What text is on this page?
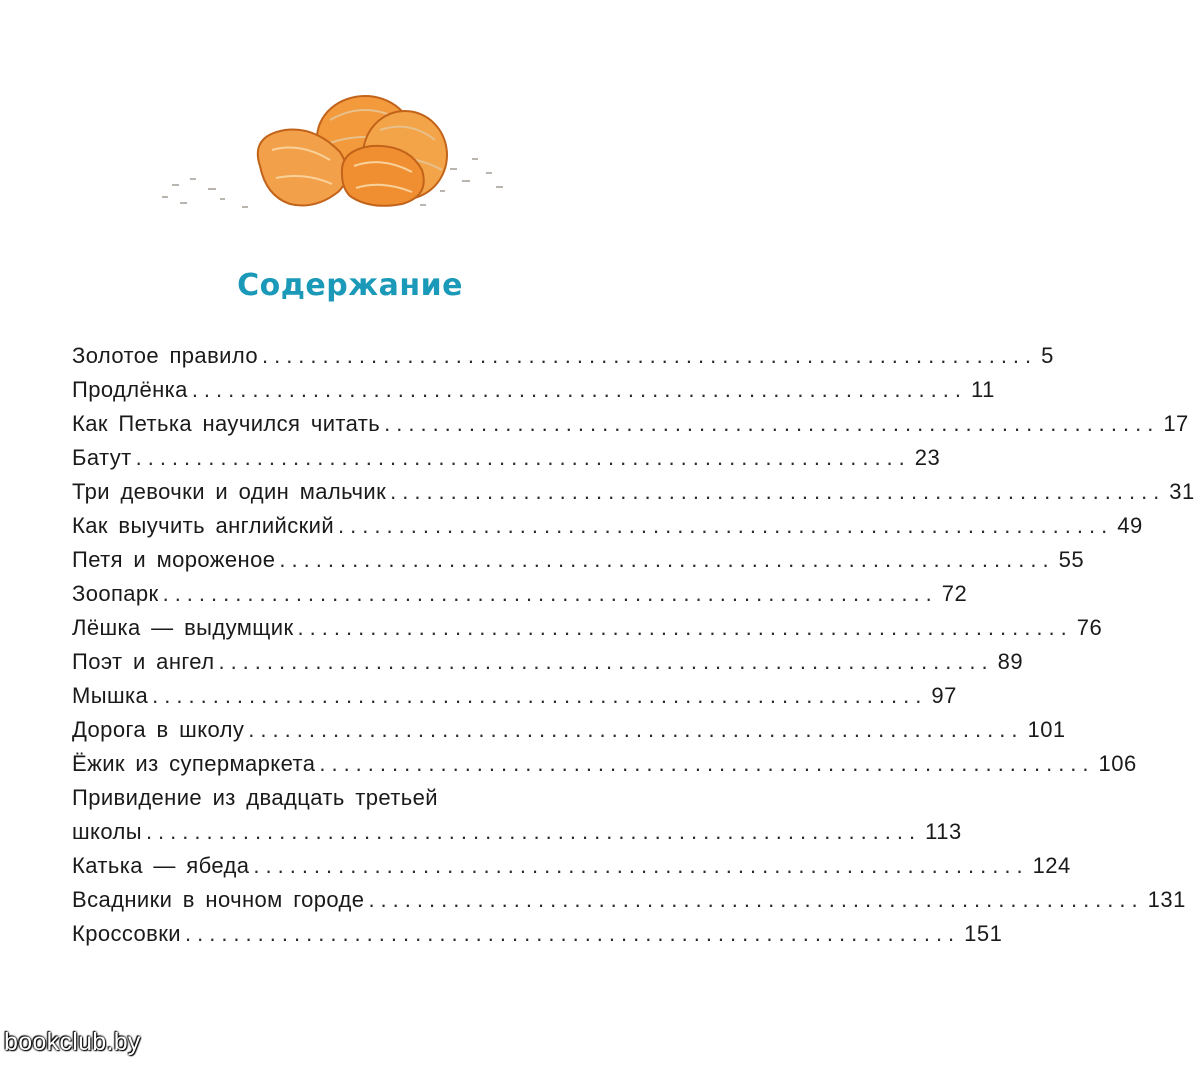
Содержание
Золотое правило ................................................................ 5
Продлёнка ................................................................ 11
Как Петька научился читать ................................................................ 17
Батут ................................................................ 23
Три девочки и один мальчик ................................................................ 31
Как выучить английский ................................................................ 49
Петя и мороженое ................................................................ 55
Зоопарк ................................................................ 72
Лёшка — выдумщик ................................................................ 76
Поэт и ангел ................................................................ 89
Мышка ................................................................ 97
Дорога в школу ................................................................ 101
Ёжик из супермаркета ................................................................ 106
Привидение из двадцать третьей
школы ................................................................ 113
Катька — ябеда ................................................................ 124
Всадники в ночном городе ................................................................ 131
Кроссовки ................................................................ 151
bookclub.by
